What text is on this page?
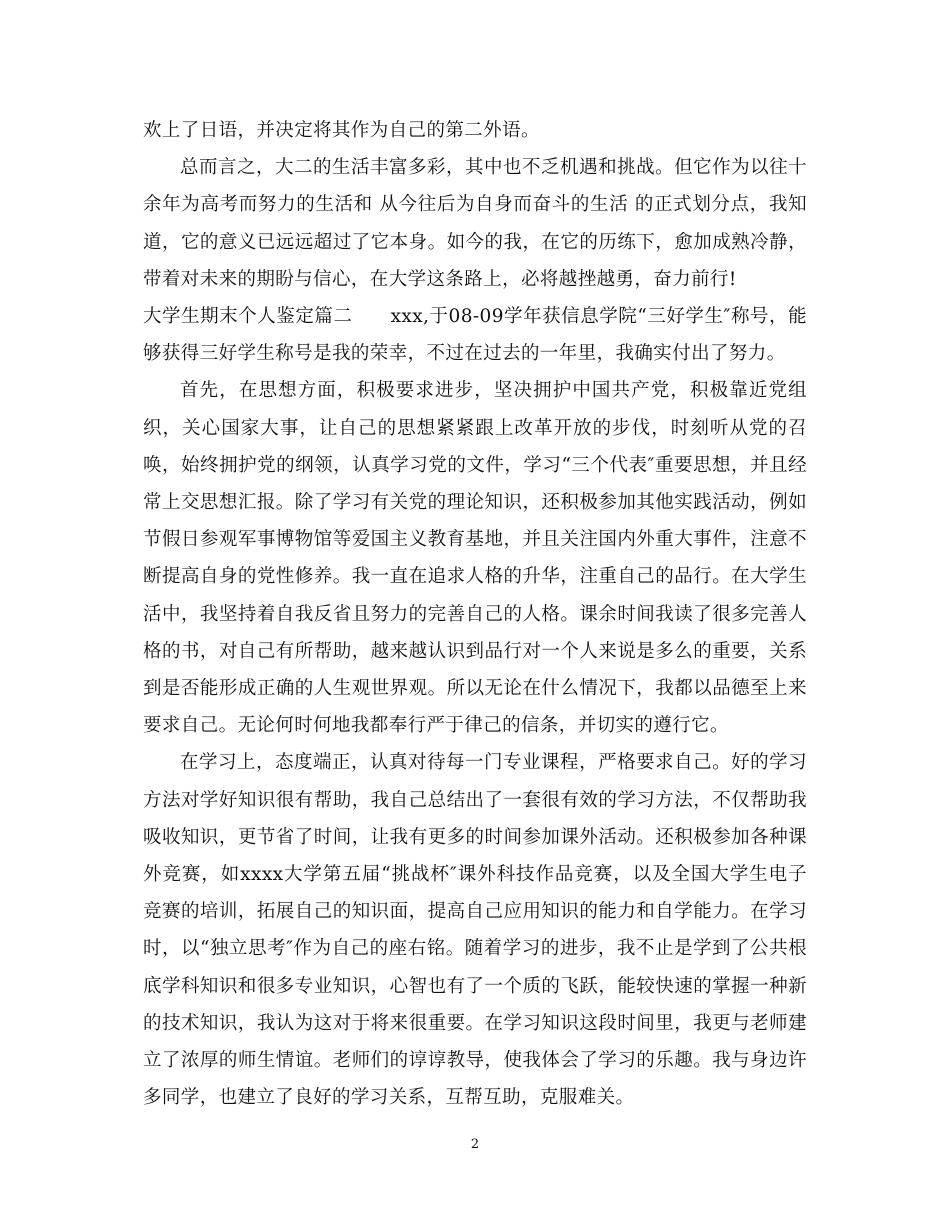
欢上了日语，并决定将其作为自己的第二外语。

总而言之，大二的生活丰富多彩，其中也不乏机遇和挑战。但它作为以往十余年为高考而努力的生活和 从今往后为自身而奋斗的生活 的正式划分点，我知道，它的意义已远远超过了它本身。如今的我，在它的历练下，愈加成熟冷静，带着对未来的期盼与信心，在大学这条路上，必将越挫越勇，奋力前行!

大学生期末个人鉴定篇二　　xxx,于08-09学年获信息学院“三好学生″称号，能够获得三好学生称号是我的荣幸，不过在过去的一年里，我确实付出了努力。

首先，在思想方面，积极要求进步，坚决拥护中国共产党，积极靠近党组织，关心国家大事，让自己的思想紧紧跟上改革开放的步伐，时刻听从党的召唤，始终拥护党的纲领，认真学习党的文件，学习“三个代表″重要思想，并且经常上交思想汇报。除了学习有关党的理论知识，还积极参加其他实践活动，例如节假日参观军事博物馆等爱国主义教育基地，并且关注国内外重大事件，注意不断提高自身的党性修养。我一直在追求人格的升华，注重自己的品行。在大学生活中，我坚持着自我反省且努力的完善自己的人格。课余时间我读了很多完善人格的书，对自己有所帮助，越来越认识到品行对一个人来说是多么的重要，关系到是否能形成正确的人生观世界观。所以无论在什么情况下，我都以品德至上来要求自己。无论何时何地我都奉行严于律己的信条，并切实的遵行它。

在学习上，态度端正，认真对待每一门专业课程，严格要求自己。好的学习方法对学好知识很有帮助，我自己总结出了一套很有效的学习方法，不仅帮助我吸收知识，更节省了时间，让我有更多的时间参加课外活动。还积极参加各种课外竞赛，如xxxx大学第五届“挑战杯″课外科技作品竞赛，以及全国大学生电子竞赛的培训，拓展自己的知识面，提高自己应用知识的能力和自学能力。在学习时，以“独立思考″作为自己的座右铭。随着学习的进步，我不止是学到了公共根底学科知识和很多专业知识，心智也有了一个质的飞跃，能较快速的掌握一种新的技术知识，我认为这对于将来很重要。在学习知识这段时间里，我更与老师建立了浓厚的师生情谊。老师们的谆谆教导，使我体会了学习的乐趣。我与身边许多同学，也建立了良好的学习关系，互帮互助，克服难关。

2
